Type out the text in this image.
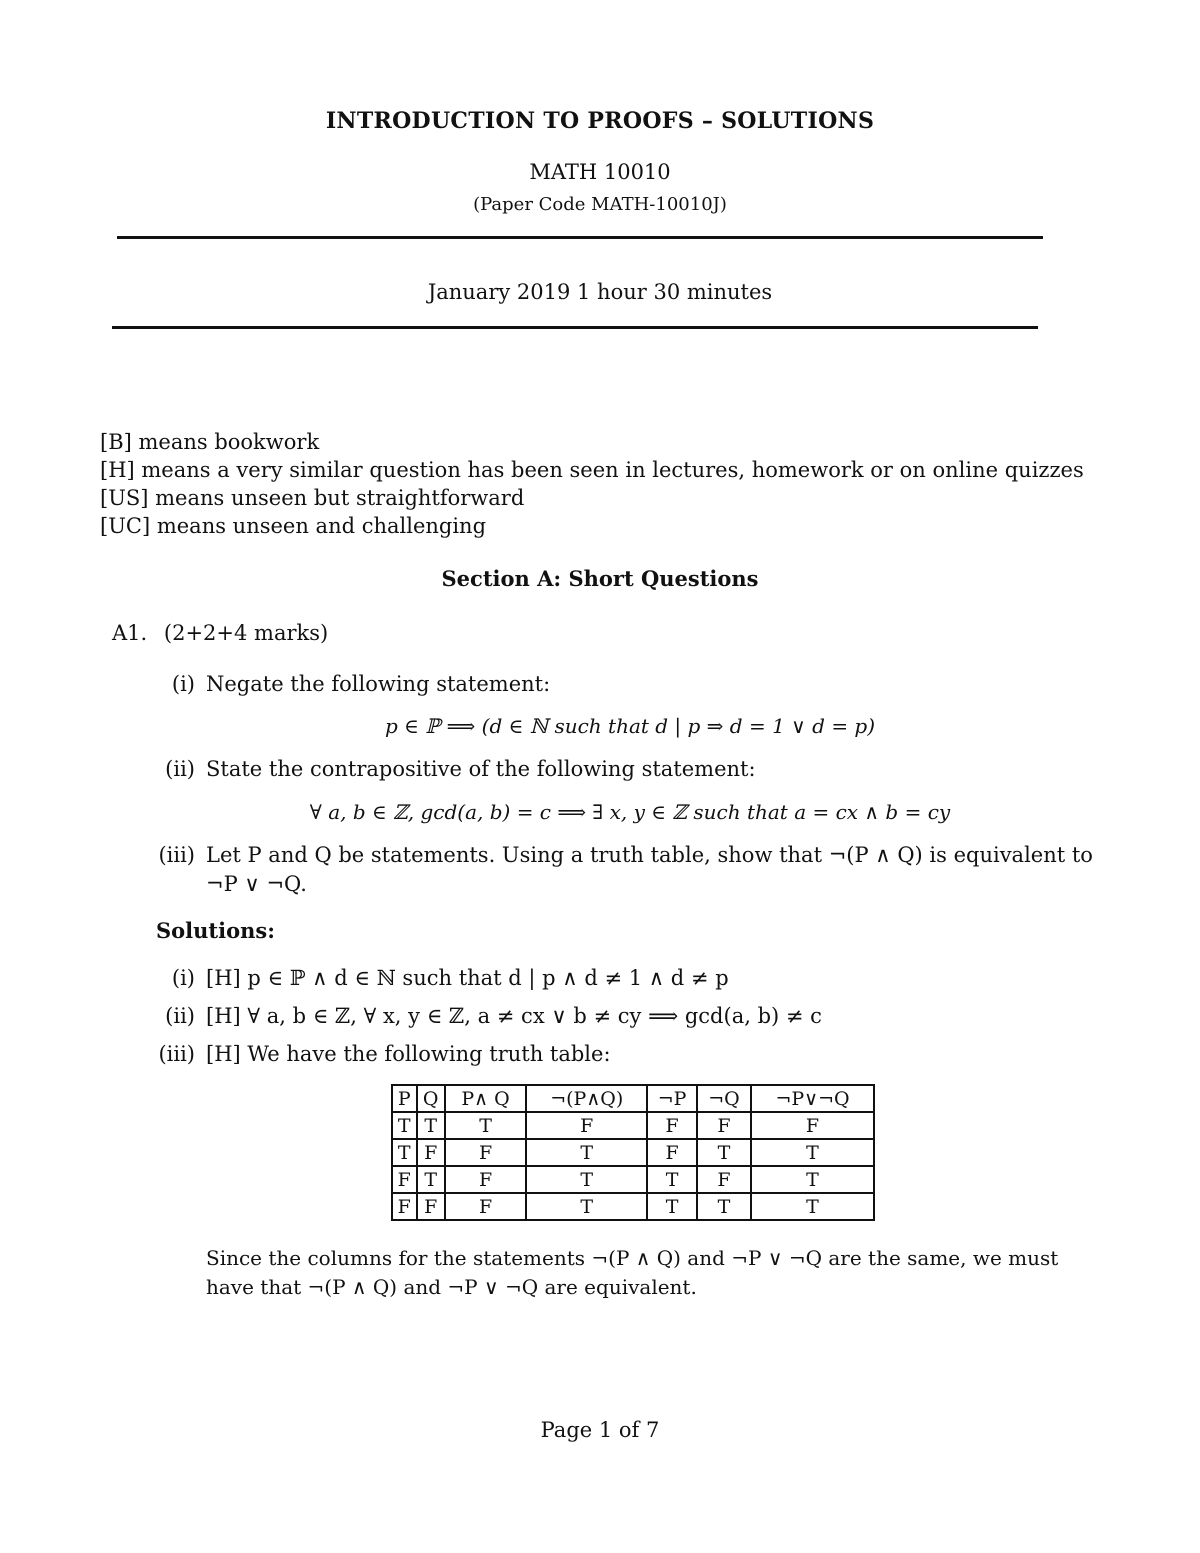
INTRODUCTION TO PROOFS – SOLUTIONS
MATH 10010
(Paper Code MATH-10010J)
January 2019 1 hour 30 minutes
[B] means bookwork
[H] means a very similar question has been seen in lectures, homework or on online quizzes
[US] means unseen but straightforward
[UC] means unseen and challenging
Section A: Short Questions
A1. (2+2+4 marks)
(i) Negate the following statement:
p ∈ ℙ ⟹ (d ∈ ℕ such that d | p ⇒ d = 1 ∨ d = p)
(ii) State the contrapositive of the following statement:
∀ a, b ∈ ℤ, gcd(a, b) = c ⟹ ∃ x, y ∈ ℤ such that a = cx ∧ b = cy
(iii) Let P and Q be statements. Using a truth table, show that ¬(P ∧ Q) is equivalent to
¬P ∨ ¬Q.
Solutions:
(i) [H] p ∈ ℙ ∧ d ∈ ℕ such that d | p ∧ d ≠ 1 ∧ d ≠ p
(ii) [H] ∀ a, b ∈ ℤ, ∀ x, y ∈ ℤ, a ≠ cx ∨ b ≠ cy ⟹ gcd(a, b) ≠ c
(iii) [H] We have the following truth table:
P	Q	P∧ Q	¬(P∧Q)	¬P	¬Q	¬P∨¬Q
T	T	T	F	F	F	F
T	F	F	T	F	T	T
F	T	F	T	T	F	T
F	F	F	T	T	T	T
Since the columns for the statements ¬(P ∧ Q) and ¬P ∨ ¬Q are the same, we must
have that ¬(P ∧ Q) and ¬P ∨ ¬Q are equivalent.
Page 1 of 7
